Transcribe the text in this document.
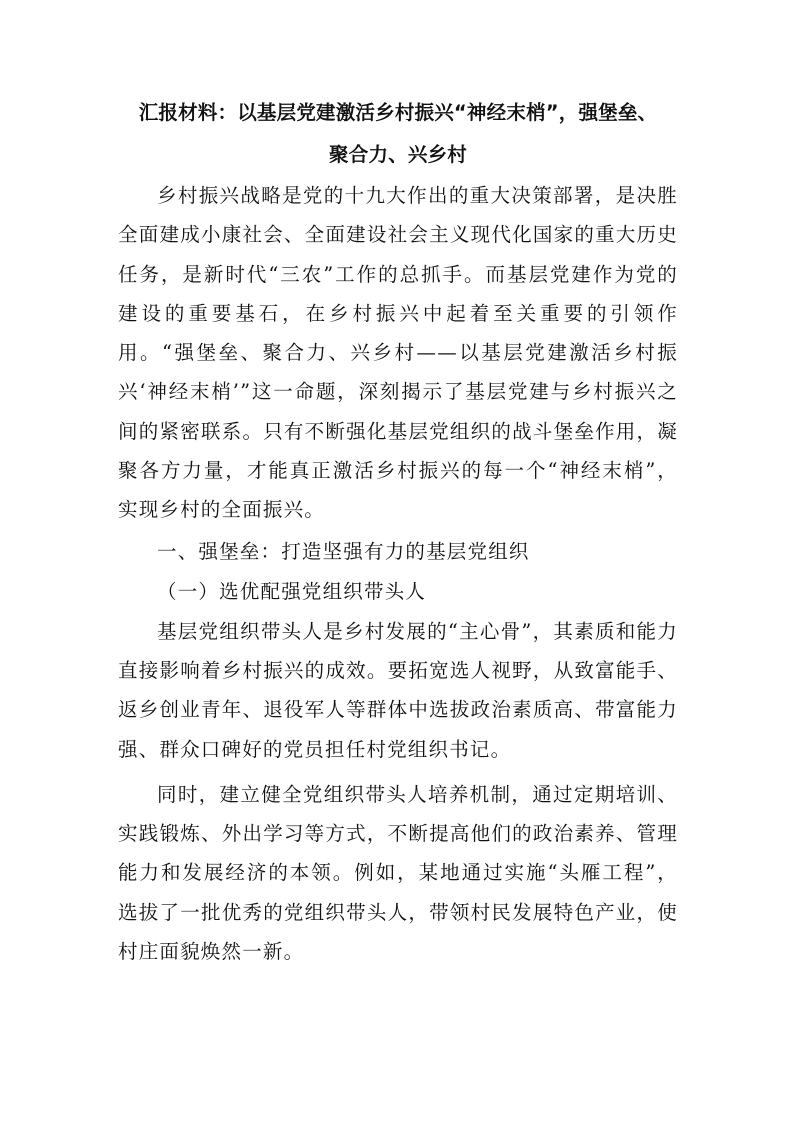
汇报材料：以基层党建激活乡村振兴“神经末梢”，强堡垒、
聚合力、兴乡村

乡村振兴战略是党的十九大作出的重大决策部署，是决胜全面建成小康社会、全面建设社会主义现代化国家的重大历史任务，是新时代“三农”工作的总抓手。而基层党建作为党的建设的重要基石，在乡村振兴中起着至关重要的引领作用。“强堡垒、聚合力、兴乡村——以基层党建激活乡村振兴‘神经末梢’”这一命题，深刻揭示了基层党建与乡村振兴之间的紧密联系。只有不断强化基层党组织的战斗堡垒作用，凝聚各方力量，才能真正激活乡村振兴的每一个“神经末梢”，实现乡村的全面振兴。

一、强堡垒：打造坚强有力的基层党组织

（一）选优配强党组织带头人

基层党组织带头人是乡村发展的“主心骨”，其素质和能力直接影响着乡村振兴的成效。要拓宽选人视野，从致富能手、返乡创业青年、退役军人等群体中选拔政治素质高、带富能力强、群众口碑好的党员担任村党组织书记。

同时，建立健全党组织带头人培养机制，通过定期培训、实践锻炼、外出学习等方式，不断提高他们的政治素养、管理能力和发展经济的本领。例如，某地通过实施“头雁工程”，选拔了一批优秀的党组织带头人，带领村民发展特色产业，使村庄面貌焕然一新。
